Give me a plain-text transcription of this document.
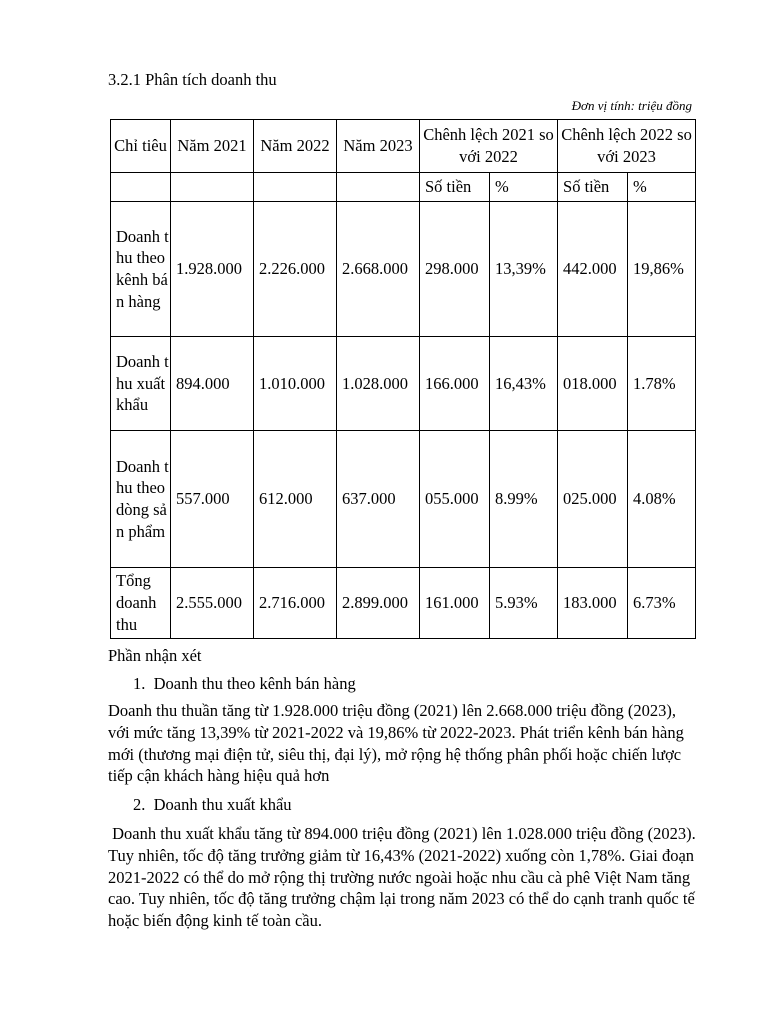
3.2.1 Phân tích doanh thu
Đơn vị tính: triệu đồng
Chỉ tiêu	Năm 2021	Năm 2022	Năm 2023	Chênh lệch 2021 so với 2022		Chênh lệch 2022 so với 2023	
				Số tiền	%	Số tiền	%
Doanh thu theo kênh bán hàng	1.928.000	2.226.000	2.668.000	298.000	13,39%	442.000	19,86%
Doanh thu xuất khẩu	894.000	1.010.000	1.028.000	166.000	16,43%	018.000	1.78%
Doanh thu theo dòng sản phẩm	557.000	612.000	637.000	055.000	8.99%	025.000	4.08%
Tổng doanh thu	2.555.000	2.716.000	2.899.000	161.000	5.93%	183.000	6.73%
Phần nhận xét
1. Doanh thu theo kênh bán hàng

Doanh thu thuần tăng từ 1.928.000 triệu đồng (2021) lên 2.668.000 triệu đồng (2023), với mức tăng 13,39% từ 2021-2022 và 19,86% từ 2022-2023. Phát triển kênh bán hàng mới (thương mại điện tử, siêu thị, đại lý), mở rộng hệ thống phân phối hoặc chiến lược tiếp cận khách hàng hiệu quả hơn

2. Doanh thu xuất khẩu

Doanh thu xuất khẩu tăng từ 894.000 triệu đồng (2021) lên 1.028.000 triệu đồng (2023). Tuy nhiên, tốc độ tăng trưởng giảm từ 16,43% (2021-2022) xuống còn 1,78%. Giai đoạn 2021-2022 có thể do mở rộng thị trường nước ngoài hoặc nhu cầu cà phê Việt Nam tăng cao. Tuy nhiên, tốc độ tăng trưởng chậm lại trong năm 2023 có thể do cạnh tranh quốc tế hoặc biến động kinh tế toàn cầu.
